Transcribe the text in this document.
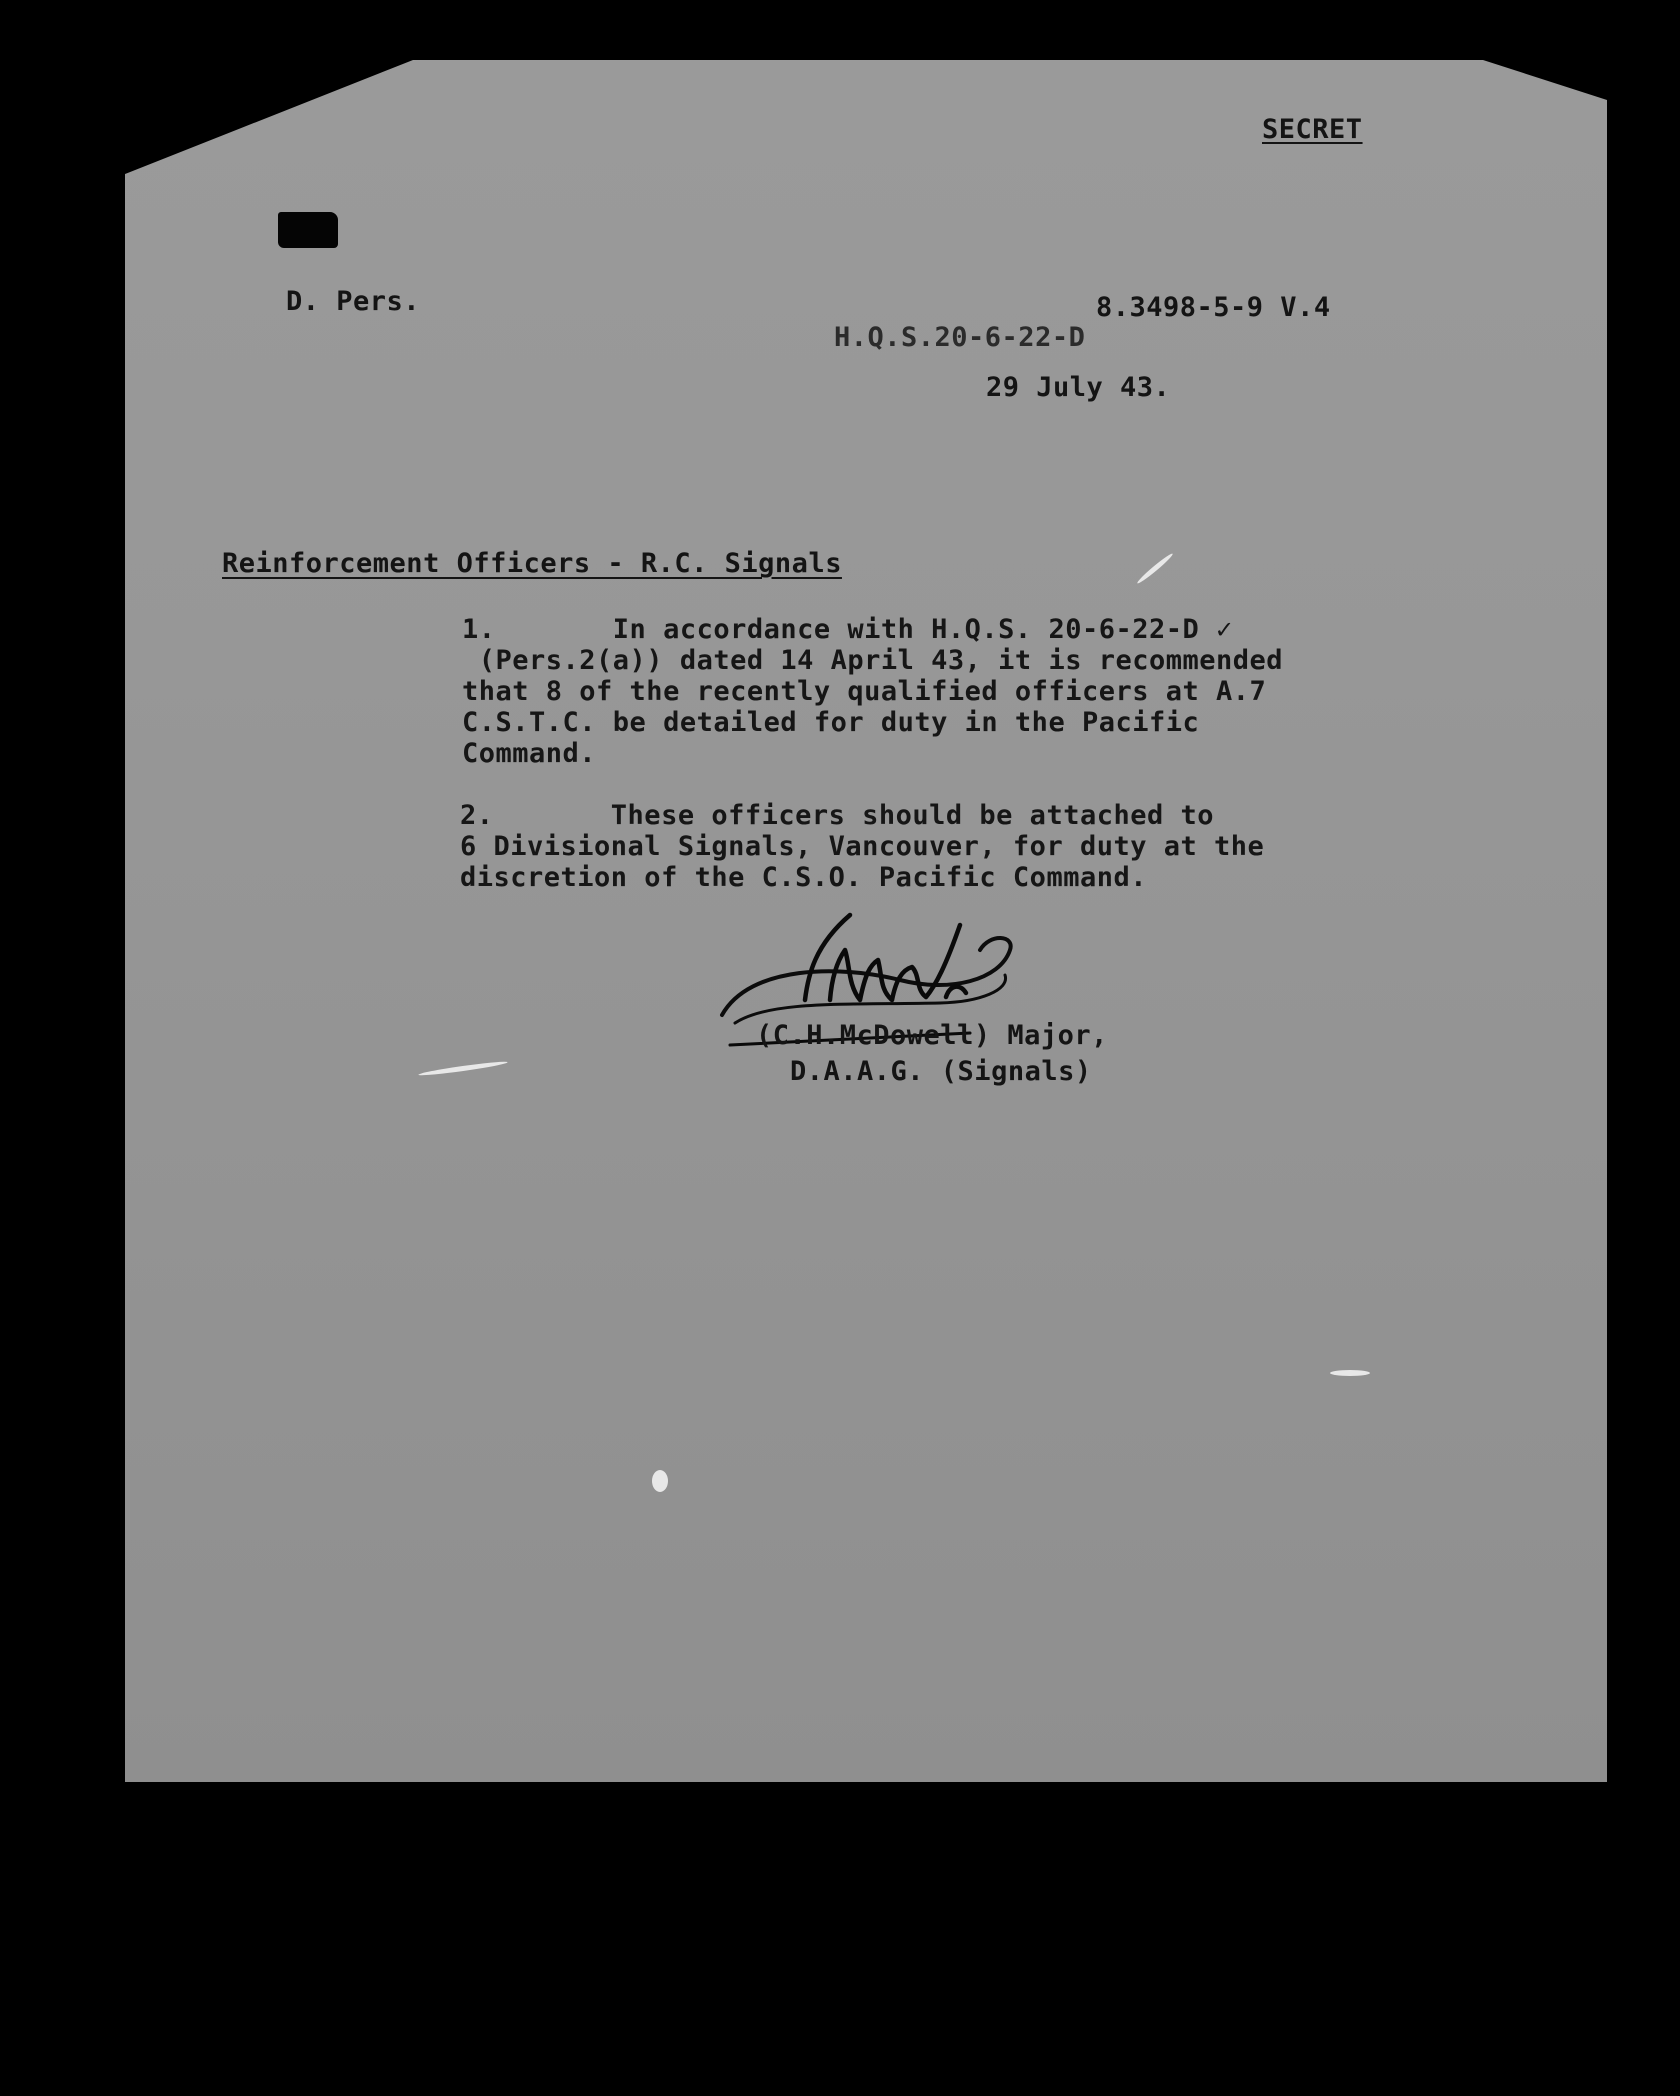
SECRET

D. Pers.	8.3498-5-9 V.4

H.Q.S.20-6-22-D

29 July 43.

Reinforcement Officers - R.C. Signals

1.       In accordance with H.Q.S. 20-6-22-D ✓
(Pers.2(a)) dated 14 April 43, it is recommended
that 8 of the recently qualified officers at A.7
C.S.T.C. be detailed for duty in the Pacific
Command.

2.       These officers should be attached to
6 Divisional Signals, Vancouver, for duty at the
discretion of the C.S.O. Pacific Command.

(C.H.McDowell) Major,

D.A.A.G. (Signals)
